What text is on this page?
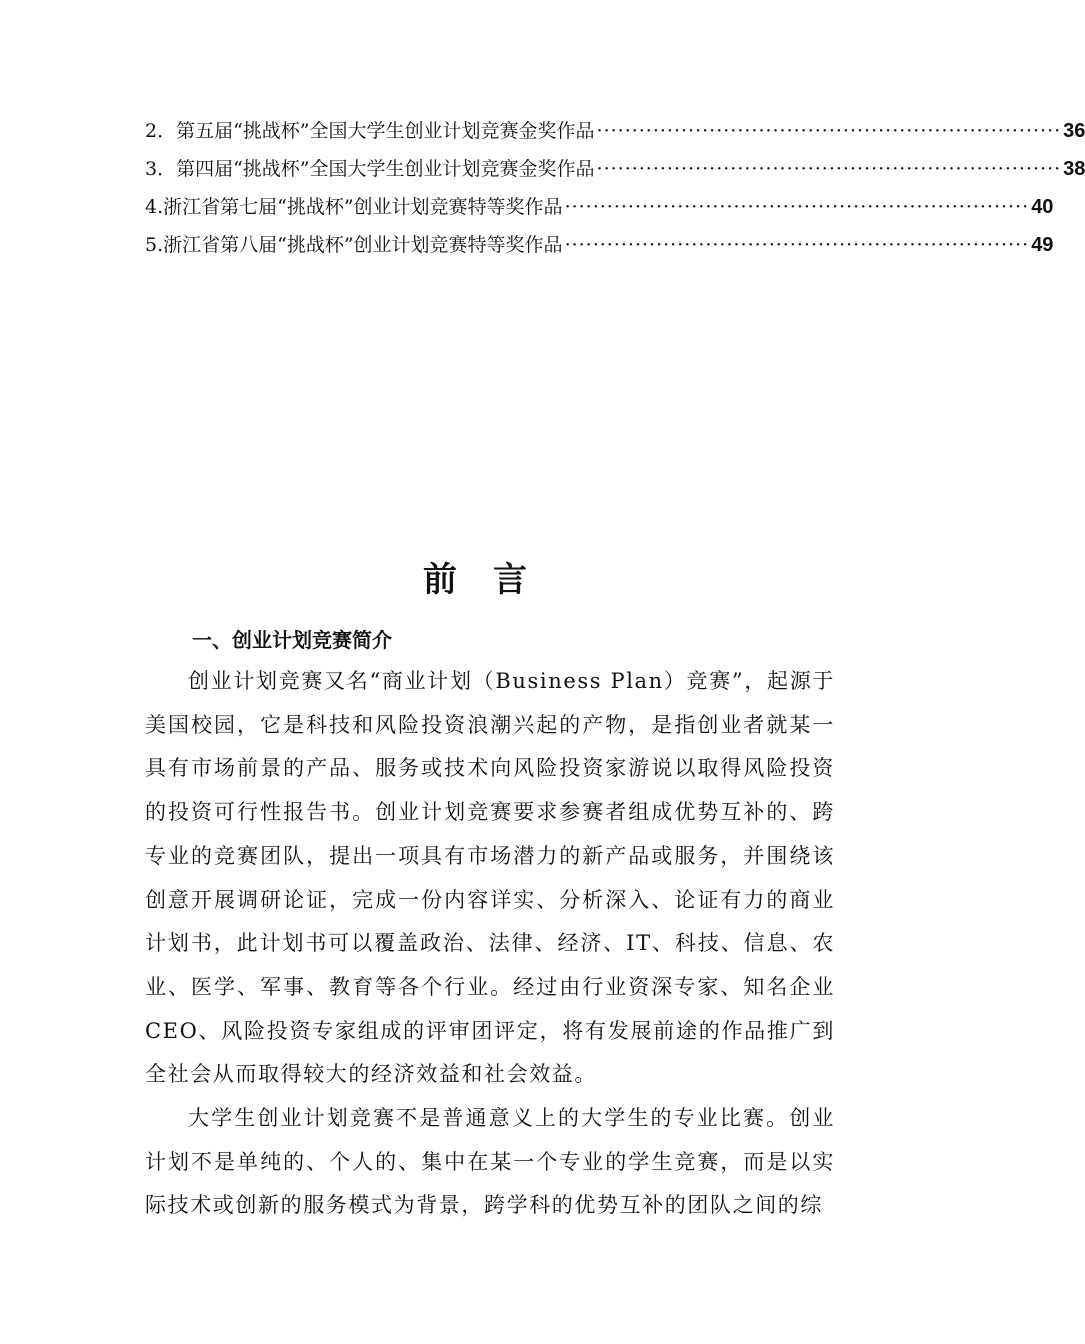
2．第五届“挑战杯”全国大学生创业计划竞赛金奖作品 ·································································· 36
3．第四届“挑战杯”全国大学生创业计划竞赛金奖作品 ·································································· 38
4.浙江省第七届“挑战杯”创业计划竞赛特等奖作品 ·································································· 40
5.浙江省第八届“挑战杯”创业计划竞赛特等奖作品 ·································································· 49
前言
一、创业计划竞赛简介

创业计划竞赛又名“商业计划（Business Plan）竞赛”，起源于美国校园，它是科技和风险投资浪潮兴起的产物，是指创业者就某一具有市场前景的产品、服务或技术向风险投资家游说以取得风险投资的投资可行性报告书。创业计划竞赛要求参赛者组成优势互补的、跨专业的竞赛团队，提出一项具有市场潜力的新产品或服务，并围绕该创意开展调研论证，完成一份内容详实、分析深入、论证有力的商业计划书，此计划书可以覆盖政治、法律、经济、IT、科技、信息、农业、医学、军事、教育等各个行业。经过由行业资深专家、知名企业CEO、风险投资专家组成的评审团评定，将有发展前途的作品推广到全社会从而取得较大的经济效益和社会效益。

大学生创业计划竞赛不是普通意义上的大学生的专业比赛。创业计划不是单纯的、个人的、集中在某一个专业的学生竞赛，而是以实际技术或创新的服务模式为背景，跨学科的优势互补的团队之间的综
